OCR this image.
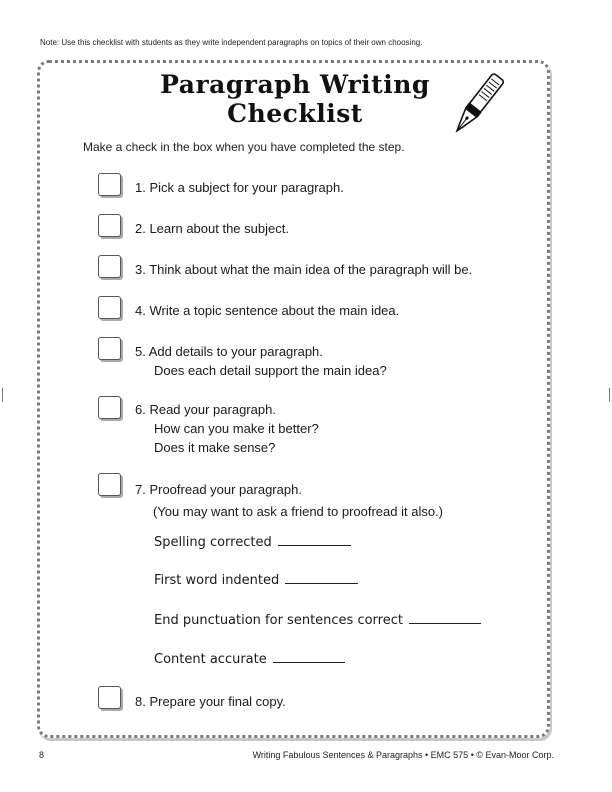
Note: Use this checklist with students as they write independent paragraphs on topics of their own choosing.
Paragraph Writing
Checklist
Make a check in the box when you have completed the step.
1. Pick a subject for your paragraph.
2. Learn about the subject.
3. Think about what the main idea of the paragraph will be.
4. Write a topic sentence about the main idea.
5. Add details to your paragraph.
Does each detail support the main idea?
6. Read your paragraph.
How can you make it better?
Does it make sense?
7. Proofread your paragraph.
(You may want to ask a friend to proofread it also.)
Spelling corrected
First word indented
End punctuation for sentences correct
Content accurate
8. Prepare your final copy.
8	Writing Fabulous Sentences & Paragraphs • EMC 575 • © Evan-Moor Corp.
